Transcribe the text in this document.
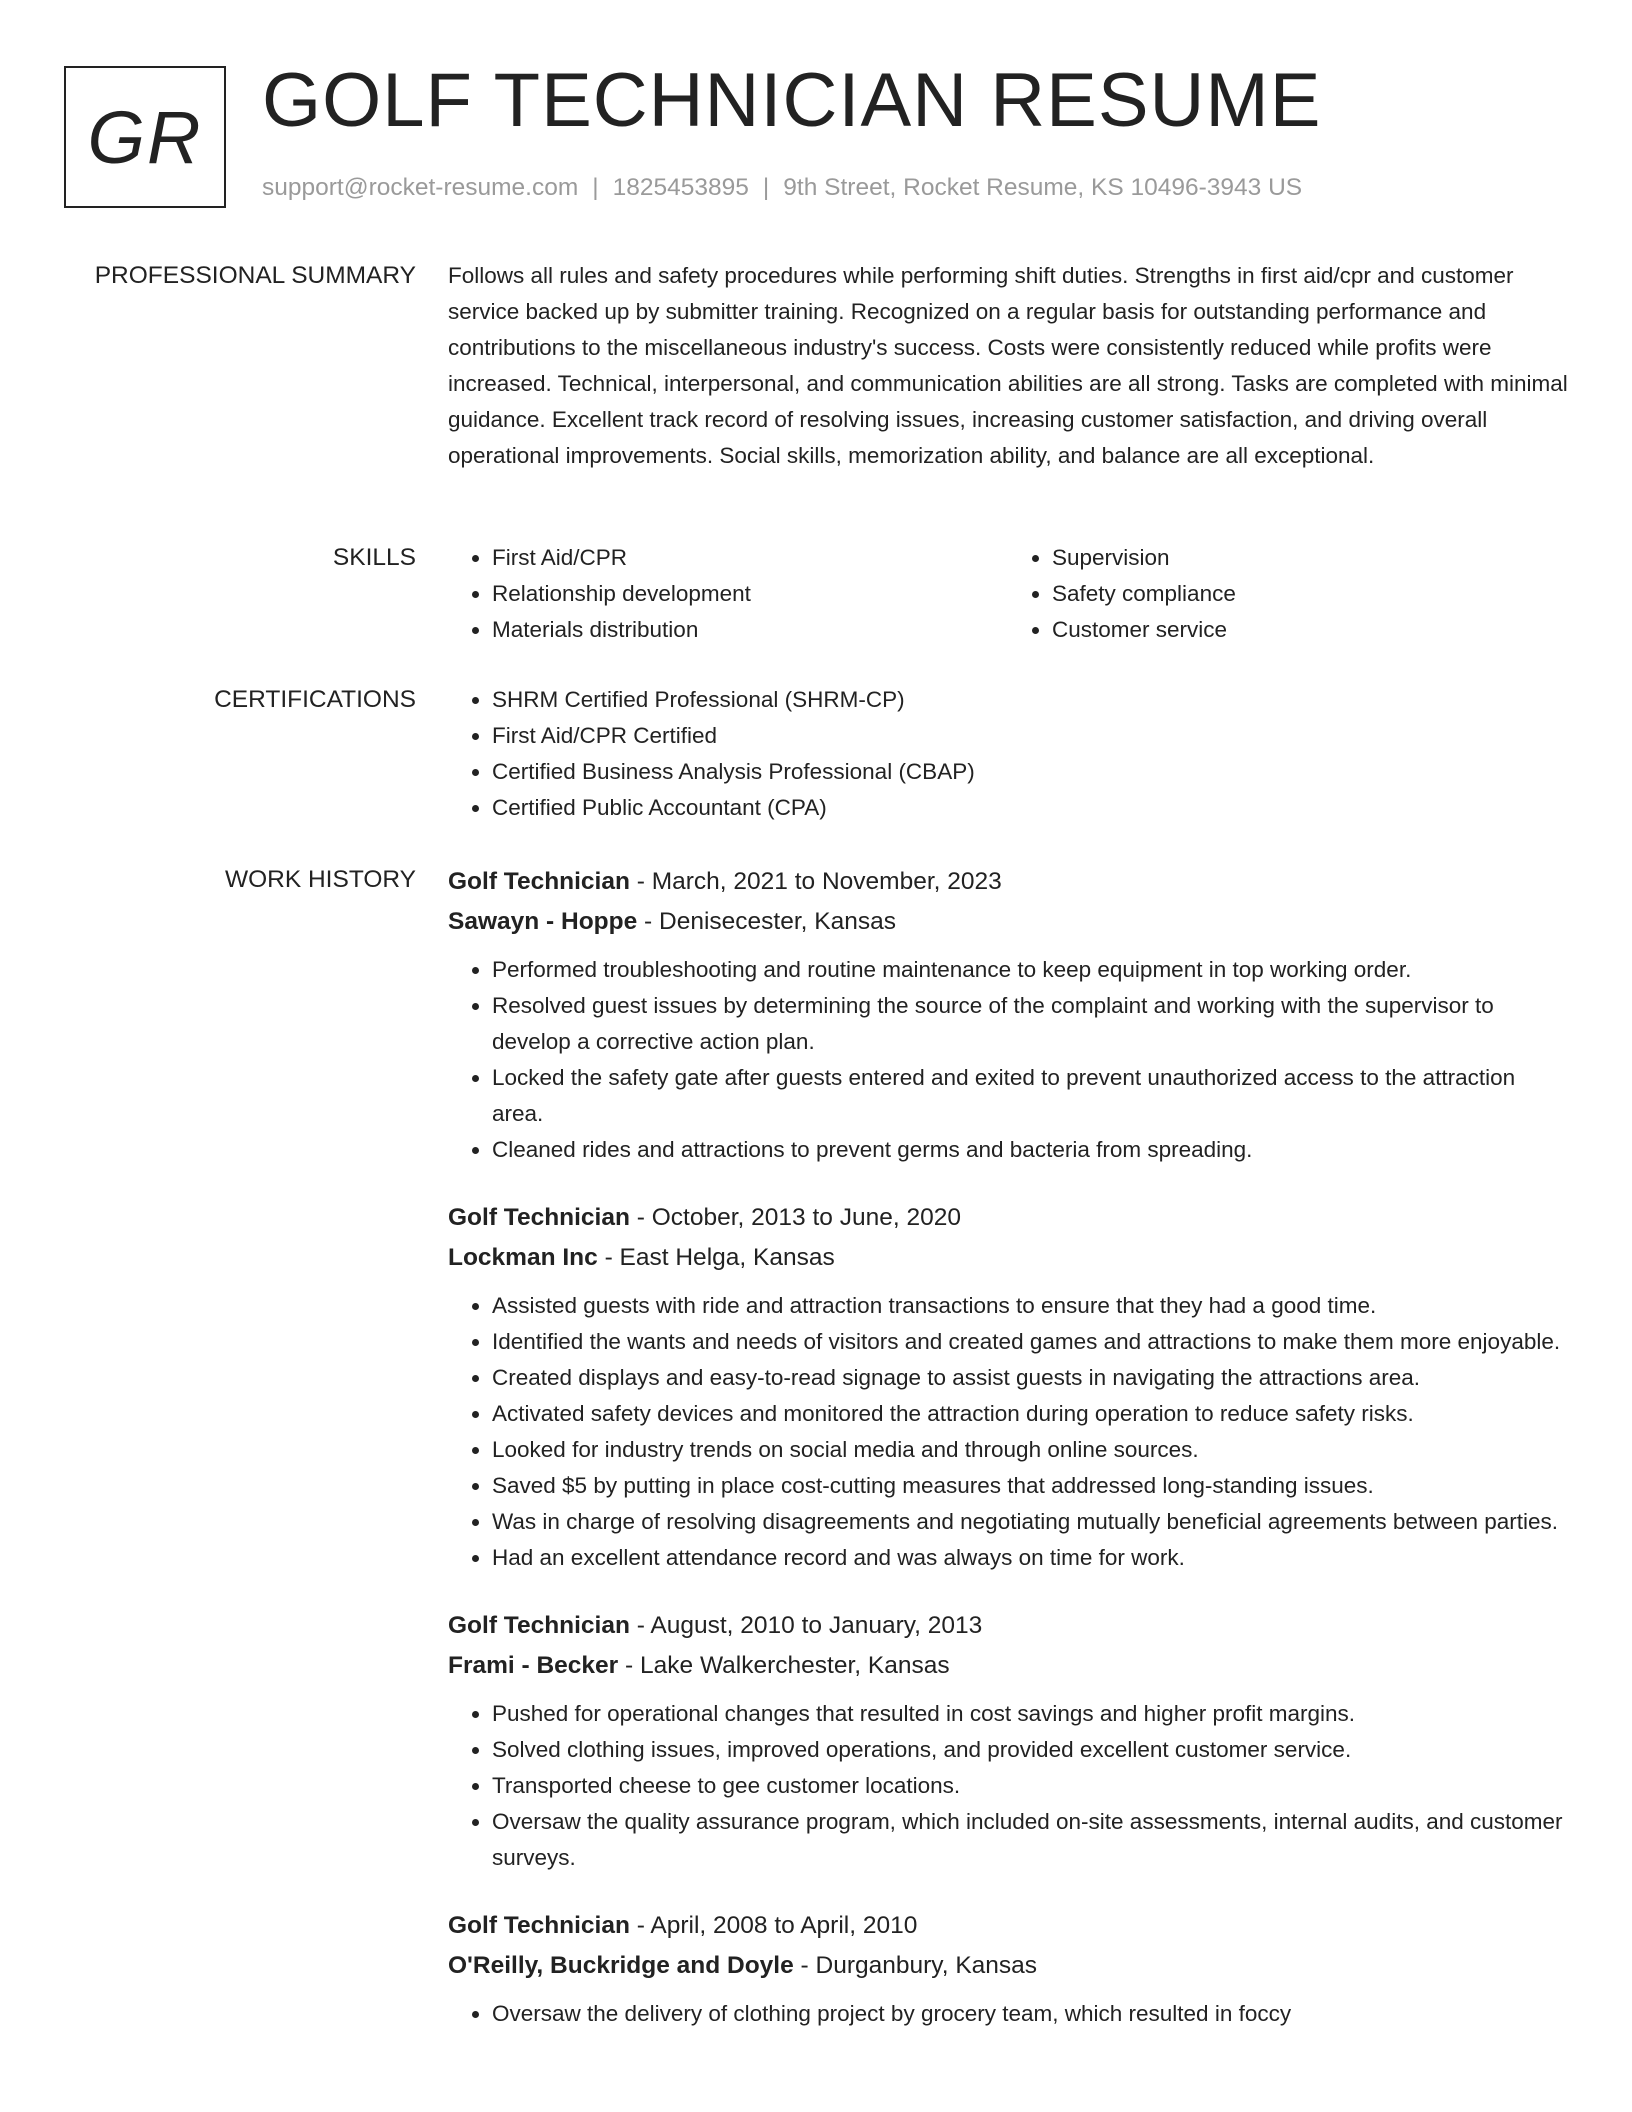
GR GOLF TECHNICIAN RESUME
support@rocket-resume.com | 1825453895 | 9th Street, Rocket Resume, KS 10496-3943 US
PROFESSIONAL SUMMARY Follows all rules and safety procedures while performing shift duties. Strengths in first aid/cpr and customer service backed up by submitter training. Recognized on a regular basis for outstanding performance and contributions to the miscellaneous industry's success. Costs were consistently reduced while profits were increased. Technical, interpersonal, and communication abilities are all strong. Tasks are completed with minimal guidance. Excellent track record of resolving issues, increasing customer satisfaction, and driving overall operational improvements. Social skills, memorization ability, and balance are all exceptional.

SKILLS	• First Aid/CPR
• Relationship development
• Materials distribution
• Supervision
• Safety compliance
• Customer service
CERTIFICATIONS	• SHRM Certified Professional (SHRM-CP)
• First Aid/CPR Certified
• Certified Business Analysis Professional (CBAP)
• Certified Public Accountant (CPA)
WORK HISTORY Golf Technician - March, 2021 to November, 2023
Sawayn - Hoppe - Denisecester, Kansas
• Performed troubleshooting and routine maintenance to keep equipment in top working order.
• Resolved guest issues by determining the source of the complaint and working with the supervisor to develop a corrective action plan.
• Locked the safety gate after guests entered and exited to prevent unauthorized access to the attraction area.
• Cleaned rides and attractions to prevent germs and bacteria from spreading.
Golf Technician - October, 2013 to June, 2020
Lockman Inc - East Helga, Kansas
• Assisted guests with ride and attraction transactions to ensure that they had a good time.
• Identified the wants and needs of visitors and created games and attractions to make them more enjoyable.
• Created displays and easy-to-read signage to assist guests in navigating the attractions area.
• Activated safety devices and monitored the attraction during operation to reduce safety risks.
• Looked for industry trends on social media and through online sources.
• Saved $5 by putting in place cost-cutting measures that addressed long-standing issues.
• Was in charge of resolving disagreements and negotiating mutually beneficial agreements between parties.
• Had an excellent attendance record and was always on time for work.
Golf Technician - August, 2010 to January, 2013
Frami - Becker - Lake Walkerchester, Kansas
• Pushed for operational changes that resulted in cost savings and higher profit margins.
• Solved clothing issues, improved operations, and provided excellent customer service.
• Transported cheese to gee customer locations.
• Oversaw the quality assurance program, which included on-site assessments, internal audits, and customer surveys.
Golf Technician - April, 2008 to April, 2010
O'Reilly, Buckridge and Doyle - Durganbury, Kansas
• Oversaw the delivery of clothing project by grocery team, which resulted in foccy
